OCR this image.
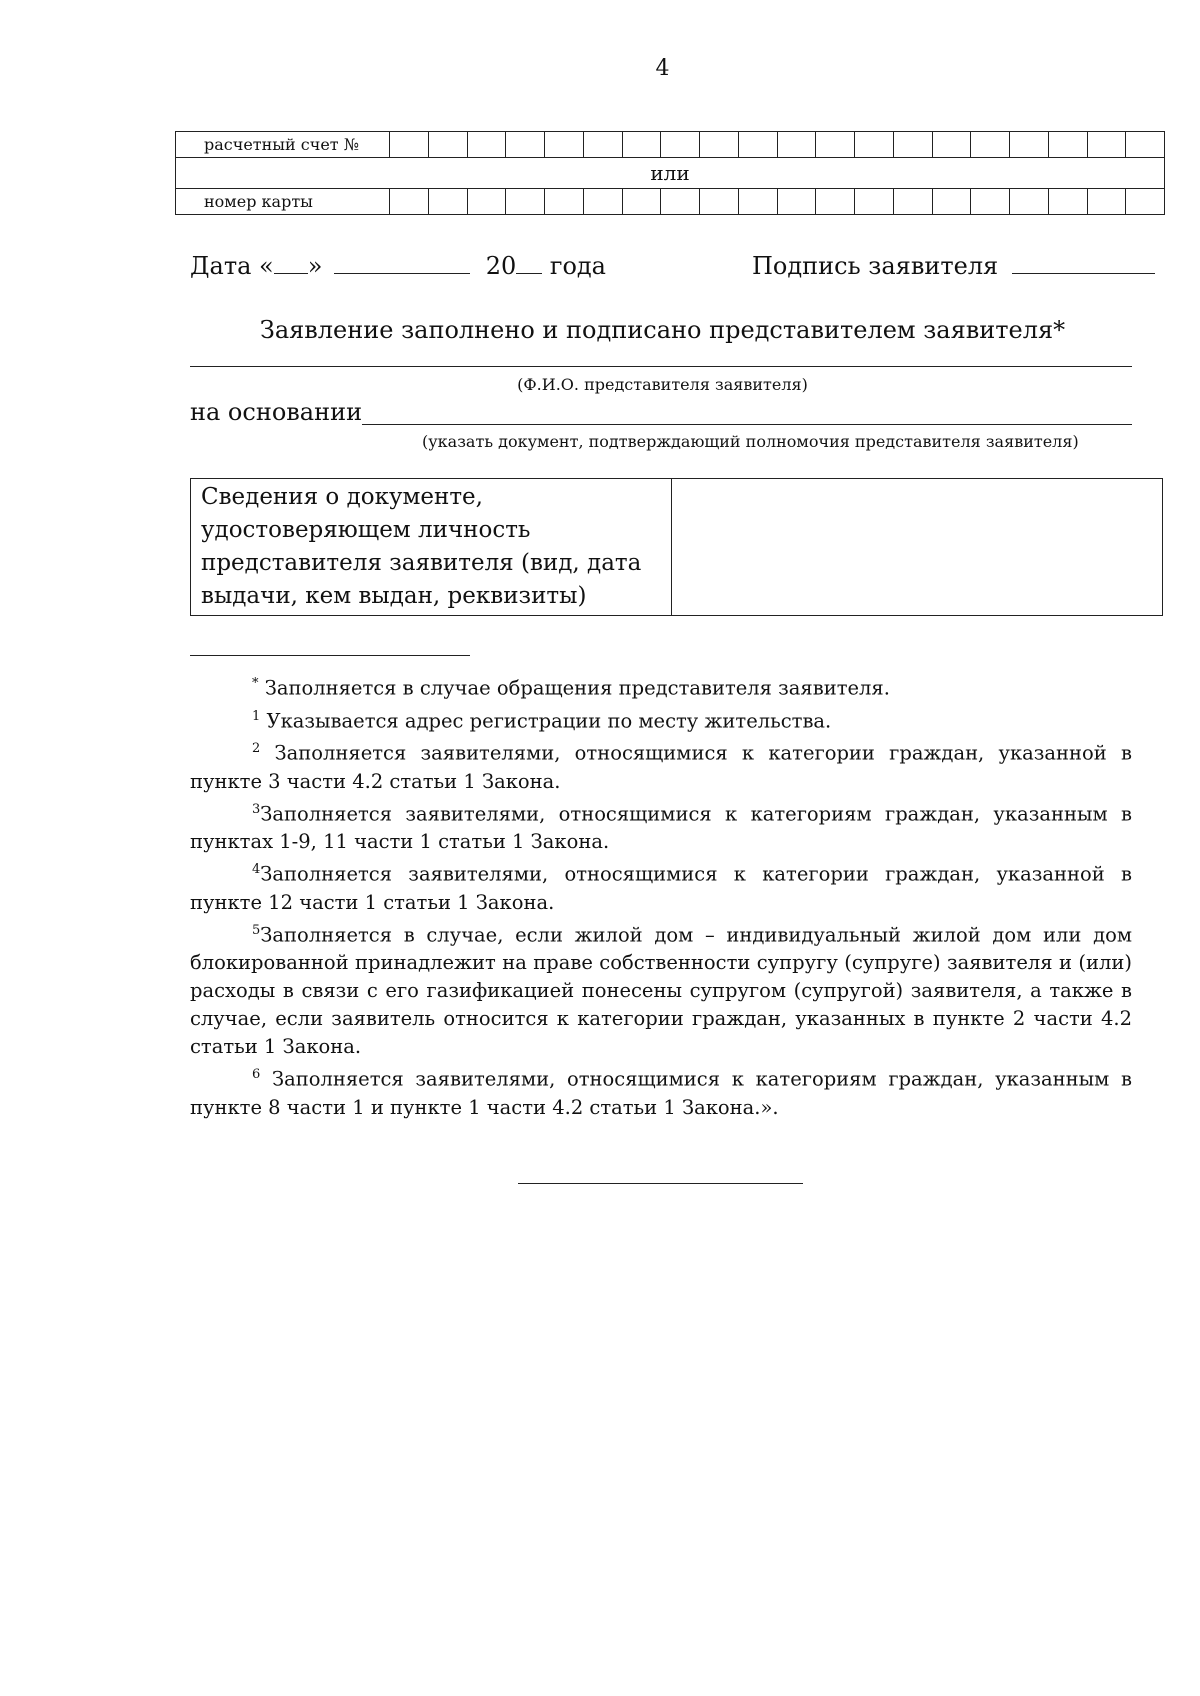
4
расчетный счет №																				
или																				
номер карты																				
Дата « »	20 года	Подпись заявителя
Заявление заполнено и подписано представителем заявителя*
(Ф.И.О. представителя заявителя)
на основании
(указать документ, подтверждающий полномочия представителя заявителя)
Сведения о документе, удостоверяющем личность представителя заявителя (вид, дата выдачи, кем выдан, реквизиты)	

* Заполняется в случае обращения представителя заявителя.

$^1$ Указывается адрес регистрации по месту жительства.

$^2$ Заполняется заявителями, относящимися к категории граждан, указанной в пункте 3 части 4.2 статьи 1 Закона.

$^3$Заполняется заявителями, относящимися к категориям граждан, указанным в пунктах 1-9, 11 части 1 статьи 1 Закона.

$^4$Заполняется заявителями, относящимися к категории граждан, указанной в пункте 12 части 1 статьи 1 Закона.

$^5$Заполняется в случае, если жилой дом – индивидуальный жилой дом или дом блокированной принадлежит на праве собственности супругу (супруге) заявителя и (или) расходы в связи с его газификацией понесены супругом (супругой) заявителя, а также в случае, если заявитель относится к категории граждан, указанных в пункте 2 части 4.2 статьи 1 Закона.

$^6$ Заполняется заявителями, относящимися к категориям граждан, указанным в пункте 8 части 1 и пункте 1 части 4.2 статьи 1 Закона.».
